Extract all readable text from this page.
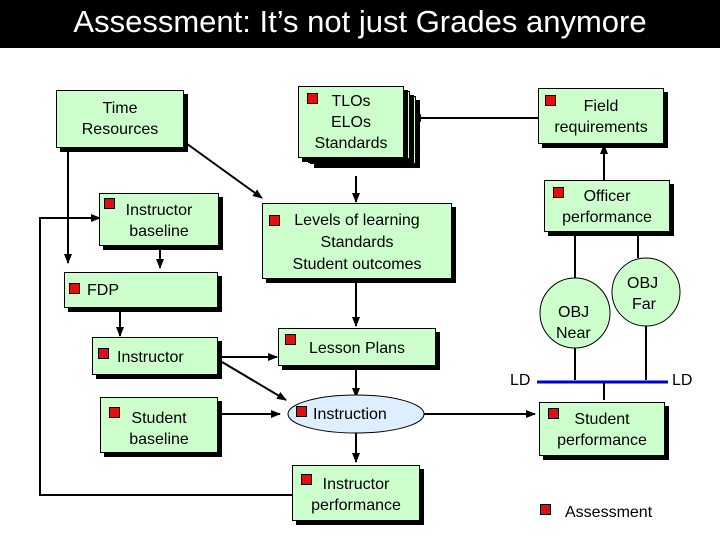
Assessment: It’s not just Grades anymore
Time
Resources
Instructor
baseline
FDP
Instructor
Student
baseline
TLOs
ELOs
Standards
Levels of learning
Standards
Student outcomes
Lesson Plans
Instruction
Instructor
performance
Field
requirements
Officer
performance
OBJ
Near
OBJ
Far
LD	LD
Student
performance
Assessment
